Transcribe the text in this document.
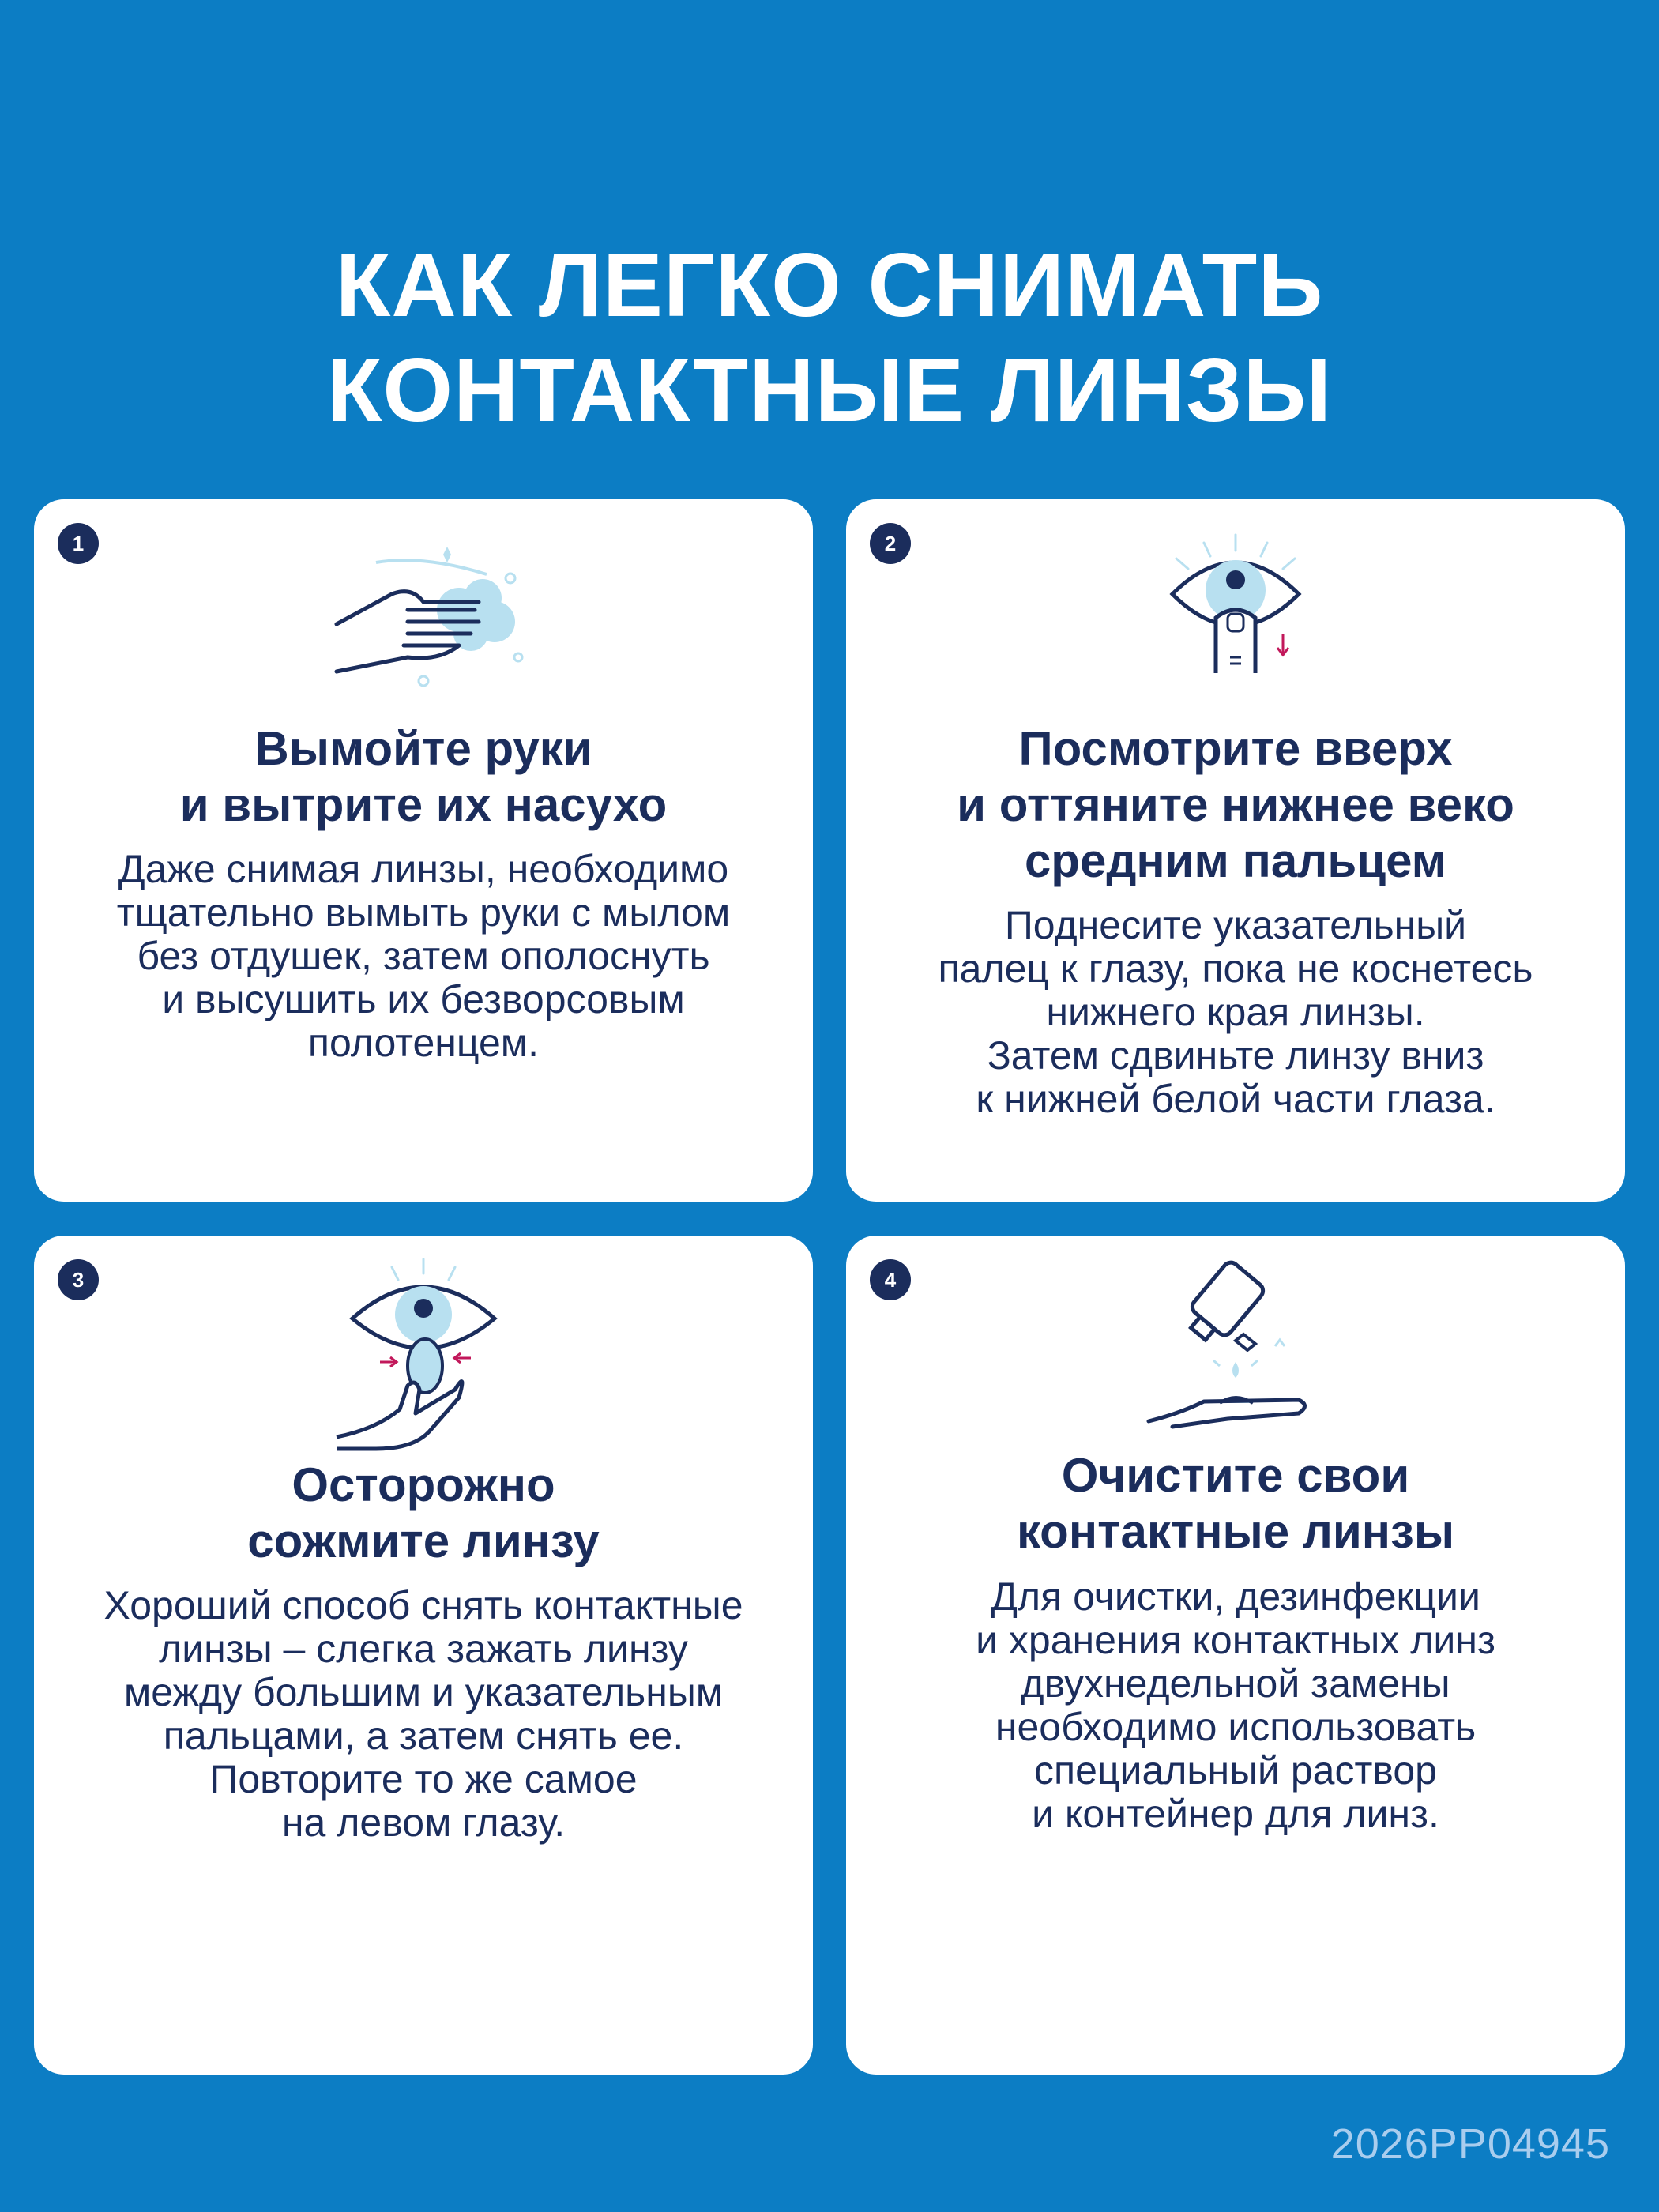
КАК ЛЕГКО СНИМАТЬ
КОНТАКТНЫЕ ЛИНЗЫ
1
Вымойте руки
и вытрите их насухо
Даже снимая линзы, необходимо
тщательно вымыть руки с мылом
без отдушек, затем ополоснуть
и высушить их безворсовым
полотенцем.
2
Посмотрите вверх
и оттяните нижнее веко
средним пальцем
Поднесите указательный
палец к глазу, пока не коснетесь
нижнего края линзы.
Затем сдвиньте линзу вниз
к нижней белой части глаза.
3
Осторожно
сожмите линзу
Хороший способ снять контактные
линзы – слегка зажать линзу
между большим и указательным
пальцами, а затем снять ее.
Повторите то же самое
на левом глазу.
4
Очистите свои
контактные линзы
Для очистки, дезинфекции
и хранения контактных линз
двухнедельной замены
необходимо использовать
специальный раствор
и контейнер для линз.
2026PP04945
